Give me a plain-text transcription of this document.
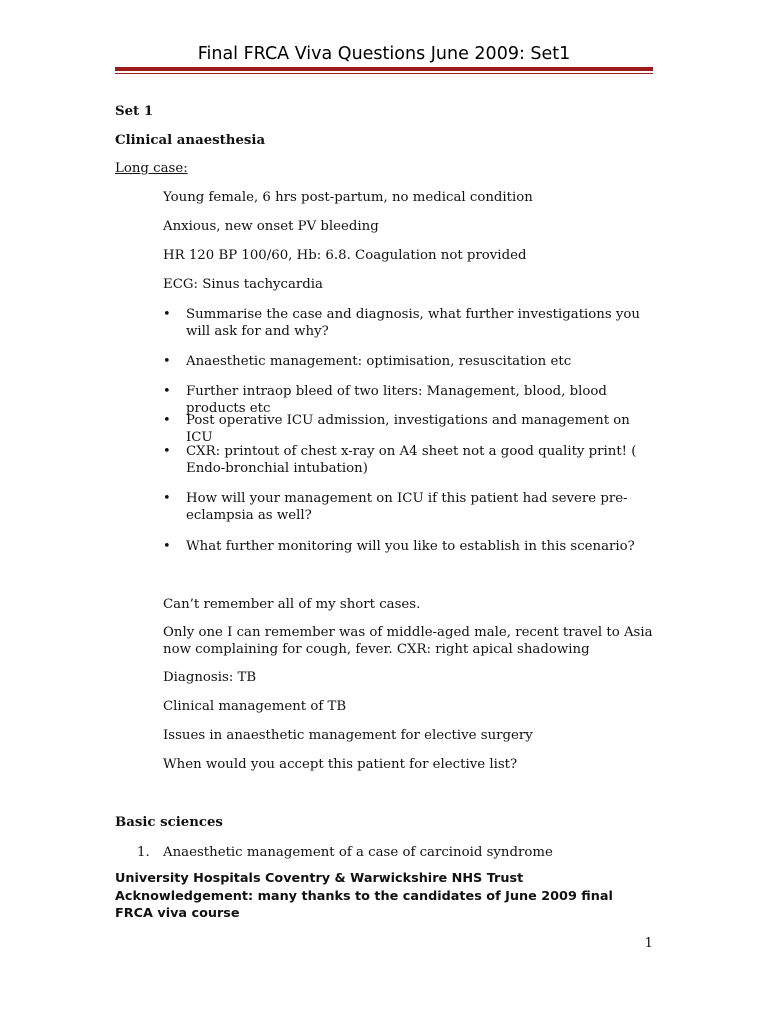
Final FRCA Viva Questions June 2009: Set1
Set 1
Clinical anaesthesia
Long case:
Young female, 6 hrs post-partum, no medical condition
Anxious, new onset PV bleeding
HR 120 BP 100/60, Hb: 6.8. Coagulation not provided
ECG: Sinus tachycardia
• Summarise the case and diagnosis, what further investigations you will ask for and why?
• Anaesthetic management: optimisation, resuscitation etc
• Further intraop bleed of two liters: Management, blood, blood products etc
• Post operative ICU admission, investigations and management on ICU
• CXR: printout of chest x-ray on A4 sheet not a good quality print! ( Endo-bronchial intubation)
• How will your management on ICU if this patient had severe pre-eclampsia as well?
• What further monitoring will you like to establish in this scenario?
Can’t remember all of my short cases.
Only one I can remember was of middle-aged male, recent travel to Asia now complaining for cough, fever. CXR: right apical shadowing
Diagnosis: TB
Clinical management of TB
Issues in anaesthetic management for elective surgery
When would you accept this patient for elective list?
Basic sciences
1. Anaesthetic management of a case of carcinoid syndrome
University Hospitals Coventry & Warwickshire NHS Trust
Acknowledgement: many thanks to the candidates of June 2009 final FRCA viva course
1
